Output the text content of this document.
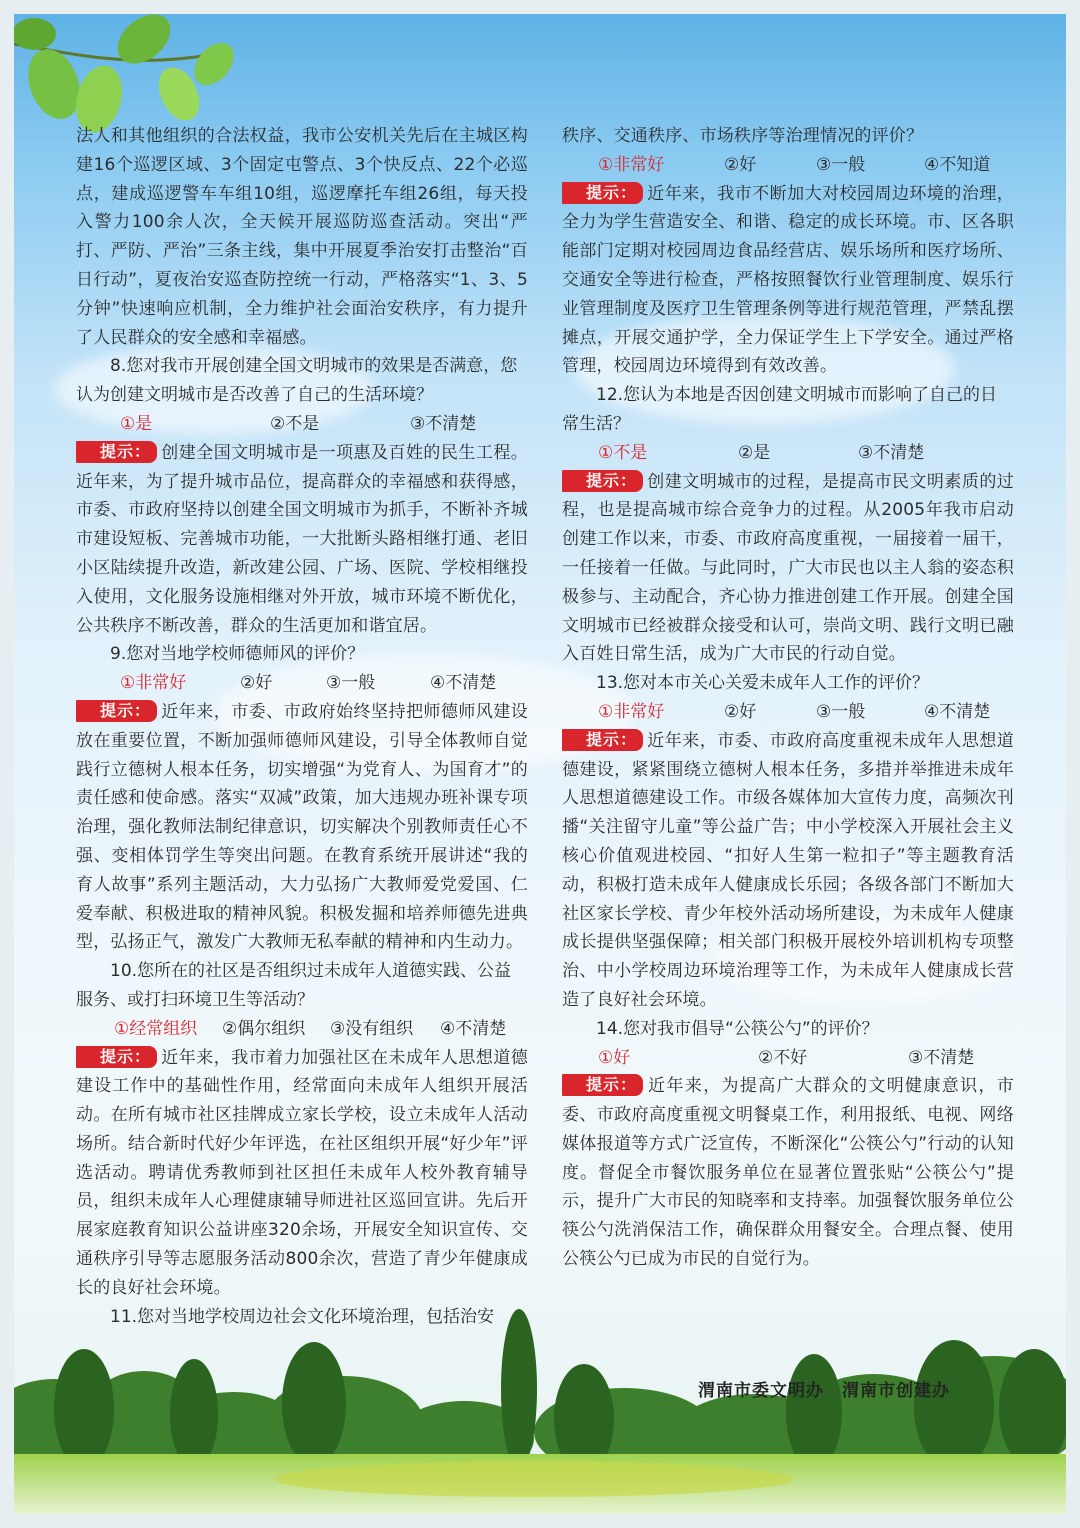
法人和其他组织的合法权益，我市公安机关先后在主城区构建16个巡逻区域、3个固定屯警点、3个快反点、22个必巡点，建成巡逻警车车组10组，巡逻摩托车组26组，每天投入警力100余人次，全天候开展巡防巡查活动。突出“严打、严防、严治”三条主线，集中开展夏季治安打击整治“百日行动”，夏夜治安巡查防控统一行动，严格落实“1、3、5分钟”快速响应机制，全力维护社会面治安秩序，有力提升了人民群众的安全感和幸福感。

8.您对我市开展创建全国文明城市的效果是否满意，您认为创建文明城市是否改善了自己的生活环境？

①是	②不是	③不清楚

提示： 创建全国文明城市是一项惠及百姓的民生工程。近年来，为了提升城市品位，提高群众的幸福感和获得感，市委、市政府坚持以创建全国文明城市为抓手，不断补齐城市建设短板、完善城市功能，一大批断头路相继打通、老旧小区陆续提升改造，新改建公园、广场、医院、学校相继投入使用，文化服务设施相继对外开放，城市环境不断优化，公共秩序不断改善，群众的生活更加和谐宜居。

9.您对当地学校师德师风的评价？

①非常好	②好	③一般	④不清楚

提示： 近年来，市委、市政府始终坚持把师德师风建设放在重要位置，不断加强师德师风建设，引导全体教师自觉践行立德树人根本任务，切实增强“为党育人、为国育才”的责任感和使命感。落实“双减”政策，加大违规办班补课专项治理，强化教师法制纪律意识，切实解决个别教师责任心不强、变相体罚学生等突出问题。在教育系统开展讲述“我的育人故事”系列主题活动，大力弘扬广大教师爱党爱国、仁爱奉献、积极进取的精神风貌。积极发掘和培养师德先进典型，弘扬正气，激发广大教师无私奉献的精神和内生动力。

10.您所在的社区是否组织过未成年人道德实践、公益服务、或打扫环境卫生等活动？

①经常组织	②偶尔组织	③没有组织	④不清楚

提示： 近年来，我市着力加强社区在未成年人思想道德建设工作中的基础性作用，经常面向未成年人组织开展活动。在所有城市社区挂牌成立家长学校，设立未成年人活动场所。结合新时代好少年评选，在社区组织开展“好少年”评选活动。聘请优秀教师到社区担任未成年人校外教育辅导员，组织未成年人心理健康辅导师进社区巡回宣讲。先后开展家庭教育知识公益讲座320余场，开展安全知识宣传、交通秩序引导等志愿服务活动800余次，营造了青少年健康成长的良好社会环境。

11.您对当地学校周边社会文化环境治理，包括治安

秩序、交通秩序、市场秩序等治理情况的评价？

①非常好	②好	③一般	④不知道

提示： 近年来，我市不断加大对校园周边环境的治理，全力为学生营造安全、和谐、稳定的成长环境。市、区各职能部门定期对校园周边食品经营店、娱乐场所和医疗场所、交通安全等进行检查，严格按照餐饮行业管理制度、娱乐行业管理制度及医疗卫生管理条例等进行规范管理，严禁乱摆摊点，开展交通护学，全力保证学生上下学安全。通过严格管理，校园周边环境得到有效改善。

12.您认为本地是否因创建文明城市而影响了自己的日常生活？

①不是	②是	③不清楚

提示： 创建文明城市的过程，是提高市民文明素质的过程，也是提高城市综合竞争力的过程。从2005年我市启动创建工作以来，市委、市政府高度重视，一届接着一届干，一任接着一任做。与此同时，广大市民也以主人翁的姿态积极参与、主动配合，齐心协力推进创建工作开展。创建全国文明城市已经被群众接受和认可，崇尚文明、践行文明已融入百姓日常生活，成为广大市民的行动自觉。

13.您对本市关心关爱未成年人工作的评价？

①非常好	②好	③一般	④不清楚

提示： 近年来，市委、市政府高度重视未成年人思想道德建设，紧紧围绕立德树人根本任务，多措并举推进未成年人思想道德建设工作。市级各媒体加大宣传力度，高频次刊播“关注留守儿童”等公益广告；中小学校深入开展社会主义核心价值观进校园、“扣好人生第一粒扣子”等主题教育活动，积极打造未成年人健康成长乐园；各级各部门不断加大社区家长学校、青少年校外活动场所建设，为未成年人健康成长提供坚强保障；相关部门积极开展校外培训机构专项整治、中小学校周边环境治理等工作，为未成年人健康成长营造了良好社会环境。

14.您对我市倡导“公筷公勺”的评价？

①好	②不好	③不清楚

提示： 近年来，为提高广大群众的文明健康意识，市委、市政府高度重视文明餐桌工作，利用报纸、电视、网络媒体报道等方式广泛宣传，不断深化“公筷公勺”行动的认知度。督促全市餐饮服务单位在显著位置张贴“公筷公勺”提示，提升广大市民的知晓率和支持率。加强餐饮服务单位公筷公勺洗消保洁工作，确保群众用餐安全。合理点餐、使用公筷公勺已成为市民的自觉行为。

渭南市委文明办 渭南市创建办
